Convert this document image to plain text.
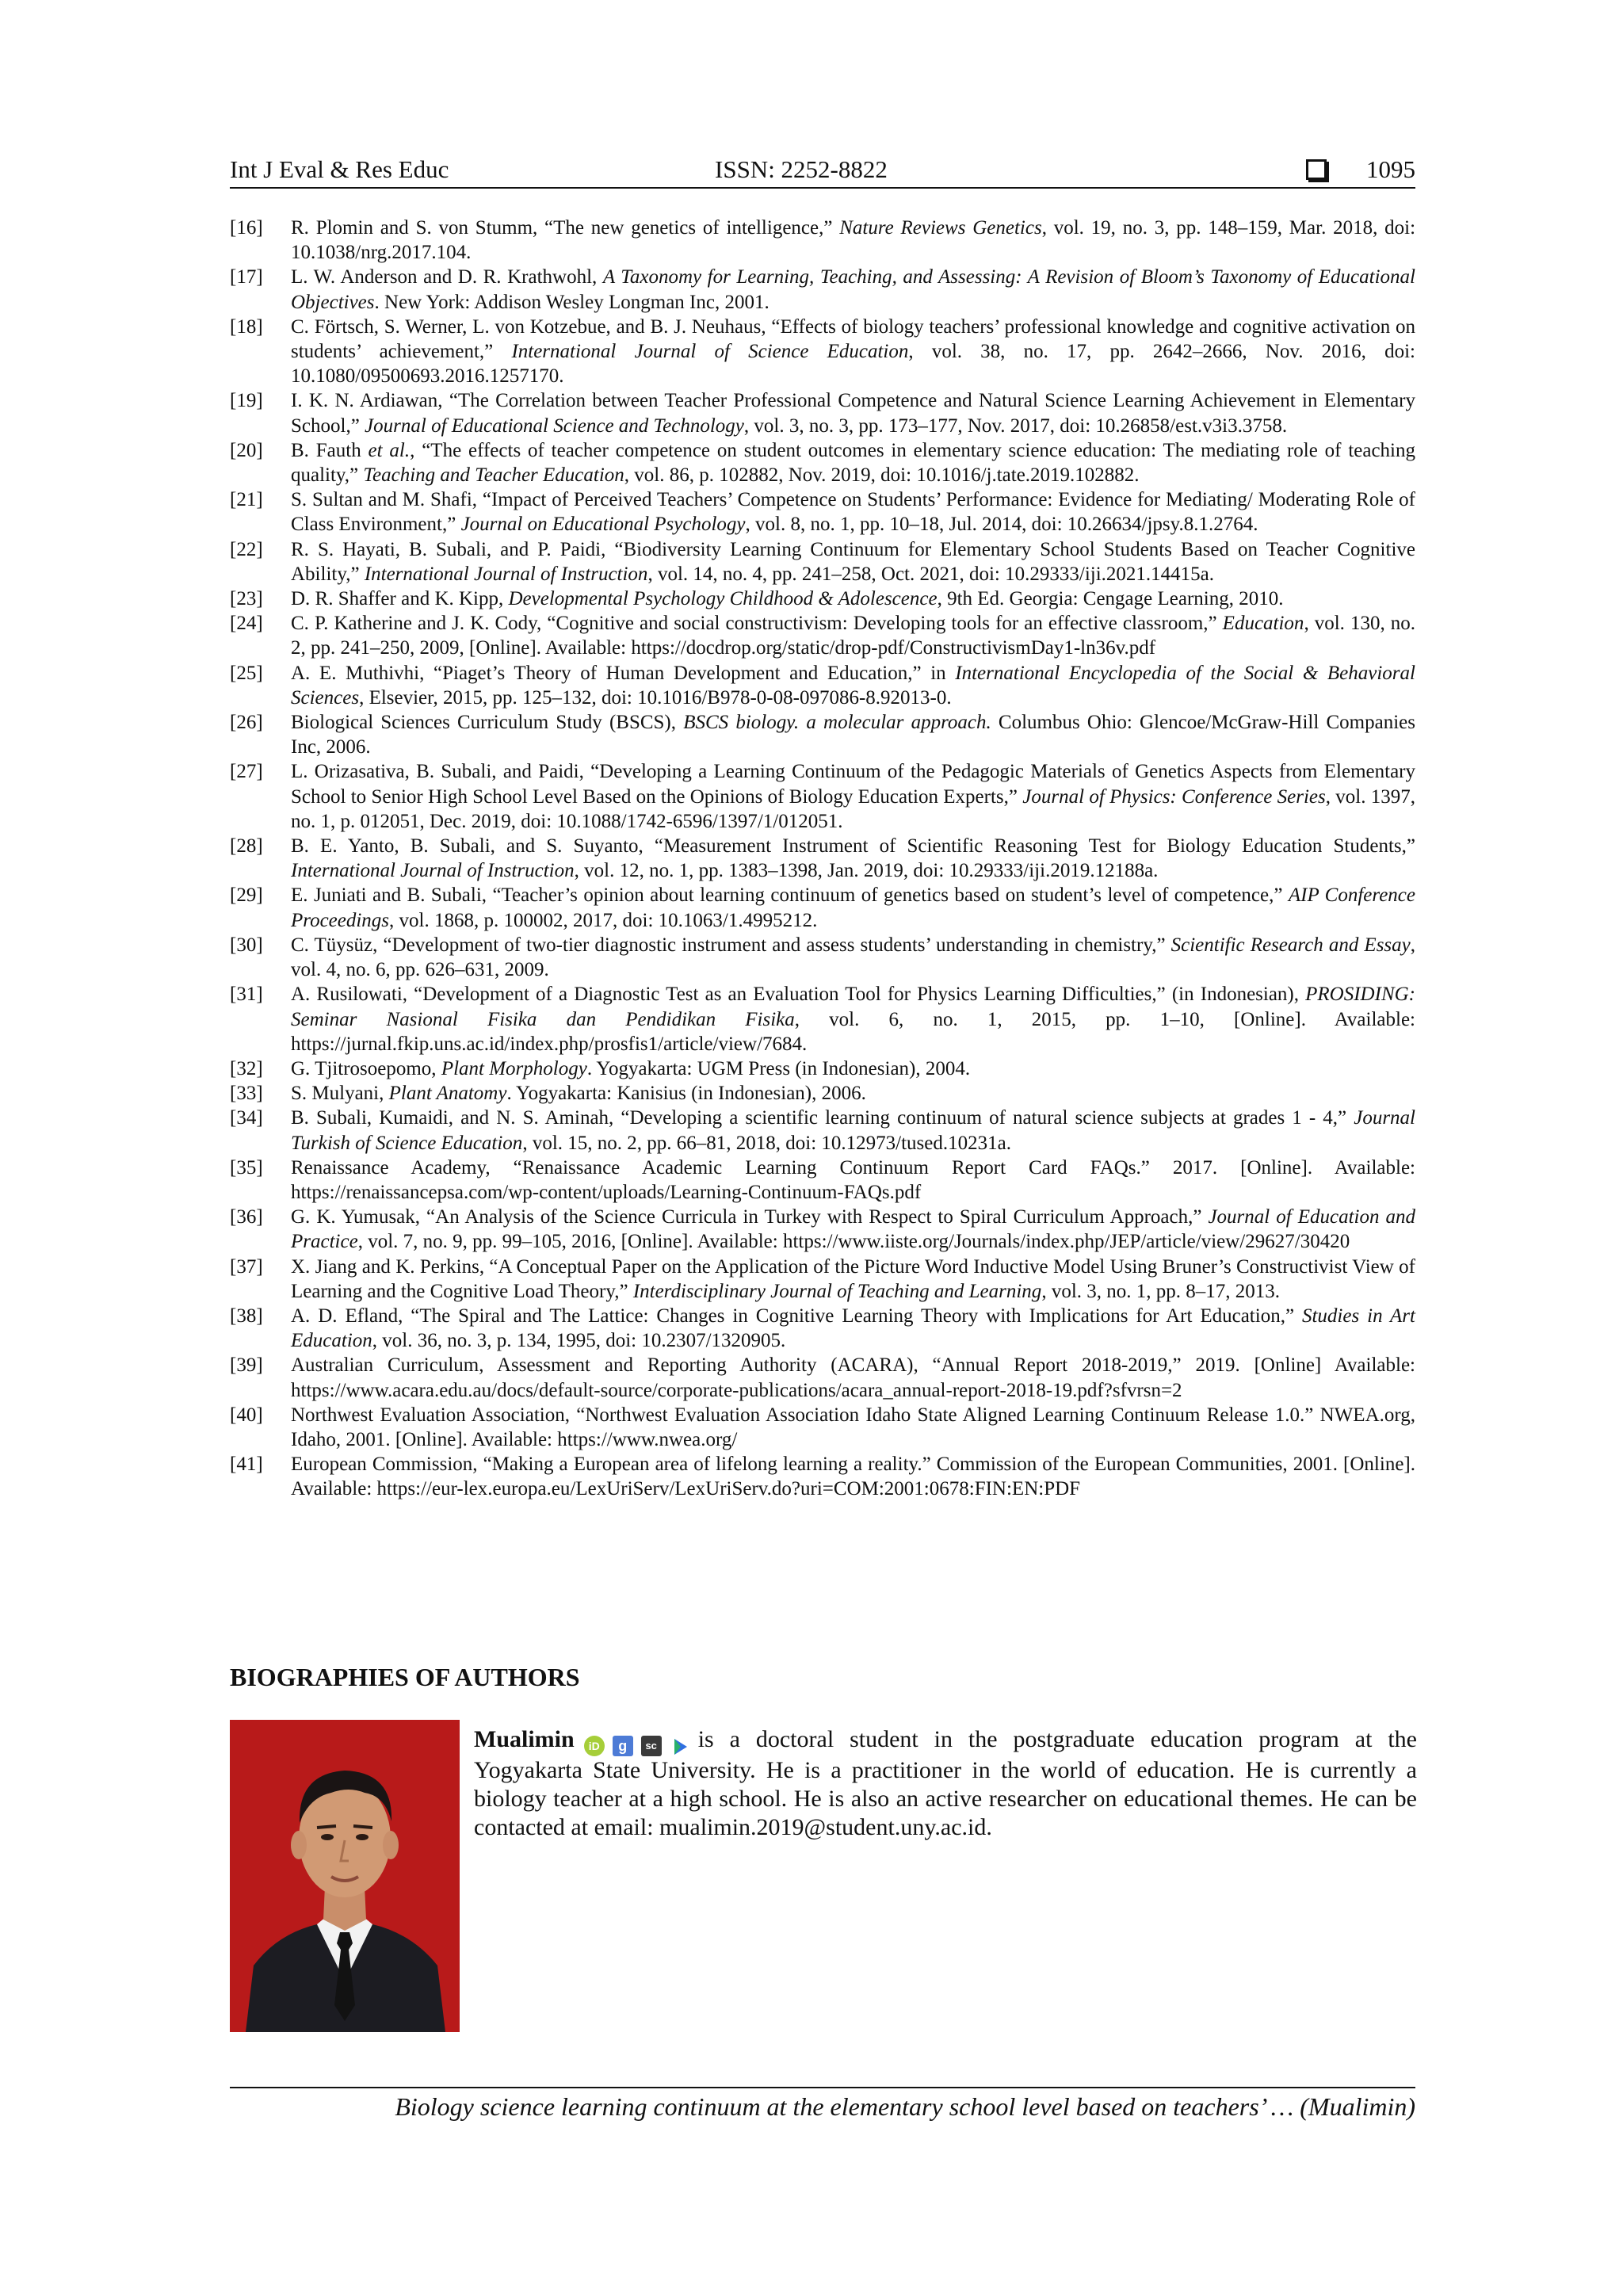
Int J Eval & Res Educ	ISSN: 2252-8822	1095
[16]	R. Plomin and S. von Stumm, “The new genetics of intelligence,” Nature Reviews Genetics, vol. 19, no. 3, pp. 148–159, Mar. 2018, doi: 10.1038/nrg.2017.104.
[17]	L. W. Anderson and D. R. Krathwohl, A Taxonomy for Learning, Teaching, and Assessing: A Revision of Bloom’s Taxonomy of Educational Objectives. New York: Addison Wesley Longman Inc, 2001.
[18]	C. Förtsch, S. Werner, L. von Kotzebue, and B. J. Neuhaus, “Effects of biology teachers’ professional knowledge and cognitive activation on students’ achievement,” International Journal of Science Education, vol. 38, no. 17, pp. 2642–2666, Nov. 2016, doi: 10.1080/09500693.2016.1257170.
[19]	I. K. N. Ardiawan, “The Correlation between Teacher Professional Competence and Natural Science Learning Achievement in Elementary School,” Journal of Educational Science and Technology, vol. 3, no. 3, pp. 173–177, Nov. 2017, doi: 10.26858/est.v3i3.3758.
[20]	B. Fauth et al., “The effects of teacher competence on student outcomes in elementary science education: The mediating role of teaching quality,” Teaching and Teacher Education, vol. 86, p. 102882, Nov. 2019, doi: 10.1016/j.tate.2019.102882.
[21]	S. Sultan and M. Shafi, “Impact of Perceived Teachers’ Competence on Students’ Performance: Evidence for Mediating/ Moderating Role of Class Environment,” Journal on Educational Psychology, vol. 8, no. 1, pp. 10–18, Jul. 2014, doi: 10.26634/jpsy.8.1.2764.
[22]	R. S. Hayati, B. Subali, and P. Paidi, “Biodiversity Learning Continuum for Elementary School Students Based on Teacher Cognitive Ability,” International Journal of Instruction, vol. 14, no. 4, pp. 241–258, Oct. 2021, doi: 10.29333/iji.2021.14415a.
[23]	D. R. Shaffer and K. Kipp, Developmental Psychology Childhood & Adolescence, 9th Ed. Georgia: Cengage Learning, 2010.
[24]	C. P. Katherine and J. K. Cody, “Cognitive and social constructivism: Developing tools for an effective classroom,” Education, vol. 130, no. 2, pp. 241–250, 2009, [Online]. Available: https://docdrop.org/static/drop-pdf/ConstructivismDay1-ln36v.pdf
[25]	A. E. Muthivhi, “Piaget’s Theory of Human Development and Education,” in International Encyclopedia of the Social & Behavioral Sciences, Elsevier, 2015, pp. 125–132, doi: 10.1016/B978-0-08-097086-8.92013-0.
[26]	Biological Sciences Curriculum Study (BSCS), BSCS biology. a molecular approach. Columbus Ohio: Glencoe/McGraw-Hill Companies Inc, 2006.
[27]	L. Orizasativa, B. Subali, and Paidi, “Developing a Learning Continuum of the Pedagogic Materials of Genetics Aspects from Elementary School to Senior High School Level Based on the Opinions of Biology Education Experts,” Journal of Physics: Conference Series, vol. 1397, no. 1, p. 012051, Dec. 2019, doi: 10.1088/1742-6596/1397/1/012051.
[28]	B. E. Yanto, B. Subali, and S. Suyanto, “Measurement Instrument of Scientific Reasoning Test for Biology Education Students,” International Journal of Instruction, vol. 12, no. 1, pp. 1383–1398, Jan. 2019, doi: 10.29333/iji.2019.12188a.
[29]	E. Juniati and B. Subali, “Teacher’s opinion about learning continuum of genetics based on student’s level of competence,” AIP Conference Proceedings, vol. 1868, p. 100002, 2017, doi: 10.1063/1.4995212.
[30]	C. Tüysüz, “Development of two-tier diagnostic instrument and assess students’ understanding in chemistry,” Scientific Research and Essay, vol. 4, no. 6, pp. 626–631, 2009.
[31]	A. Rusilowati, “Development of a Diagnostic Test as an Evaluation Tool for Physics Learning Difficulties,” (in Indonesian), PROSIDING: Seminar Nasional Fisika dan Pendidikan Fisika, vol. 6, no. 1, 2015, pp. 1–10, [Online]. Available: https://jurnal.fkip.uns.ac.id/index.php/prosfis1/article/view/7684.
[32]	G. Tjitrosoepomo, Plant Morphology. Yogyakarta: UGM Press (in Indonesian), 2004.
[33]	S. Mulyani, Plant Anatomy. Yogyakarta: Kanisius (in Indonesian), 2006.
[34]	B. Subali, Kumaidi, and N. S. Aminah, “Developing a scientific learning continuum of natural science subjects at grades 1 - 4,” Journal Turkish of Science Education, vol. 15, no. 2, pp. 66–81, 2018, doi: 10.12973/tused.10231a.
[35]	Renaissance Academy, “Renaissance Academic Learning Continuum Report Card FAQs.” 2017. [Online]. Available: https://renaissancepsa.com/wp-content/uploads/Learning-Continuum-FAQs.pdf
[36]	G. K. Yumusak, “An Analysis of the Science Curricula in Turkey with Respect to Spiral Curriculum Approach,” Journal of Education and Practice, vol. 7, no. 9, pp. 99–105, 2016, [Online]. Available: https://www.iiste.org/Journals/index.php/JEP/article/view/29627/30420
[37]	X. Jiang and K. Perkins, “A Conceptual Paper on the Application of the Picture Word Inductive Model Using Bruner’s Constructivist View of Learning and the Cognitive Load Theory,” Interdisciplinary Journal of Teaching and Learning, vol. 3, no. 1, pp. 8–17, 2013.
[38]	A. D. Efland, “The Spiral and The Lattice: Changes in Cognitive Learning Theory with Implications for Art Education,” Studies in Art Education, vol. 36, no. 3, p. 134, 1995, doi: 10.2307/1320905.
[39]	Australian Curriculum, Assessment and Reporting Authority (ACARA), “Annual Report 2018-2019,” 2019. [Online] Available: https://www.acara.edu.au/docs/default-source/corporate-publications/acara_annual-report-2018-19.pdf?sfvrsn=2
[40]	Northwest Evaluation Association, “Northwest Evaluation Association Idaho State Aligned Learning Continuum Release 1.0.” NWEA.org, Idaho, 2001. [Online]. Available: https://www.nwea.org/
[41]	European Commission, “Making a European area of lifelong learning a reality.” Commission of the European Communities, 2001. [Online]. Available: https://eur-lex.europa.eu/LexUriServ/LexUriServ.do?uri=COM:2001:0678:FIN:EN:PDF
BIOGRAPHIES OF AUTHORS
Mualimin	iD	g	sc is a doctoral student in the postgraduate education program at the Yogyakarta State University. He is a practitioner in the world of education. He is currently a biology teacher at a high school. He is also an active researcher on educational themes. He can be contacted at email: mualimin.2019@student.uny.ac.id.
Biology science learning continuum at the elementary school level based on teachers’ … (Mualimin)
